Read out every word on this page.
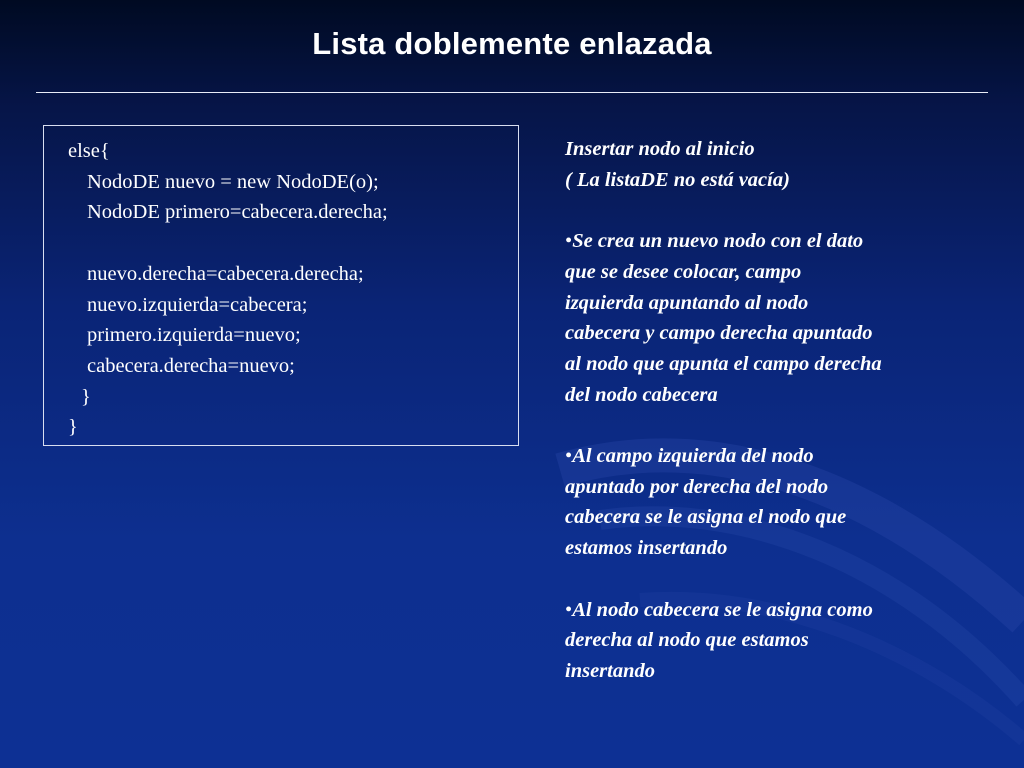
Lista doblemente enlazada
else{
NodoDE nuevo = new NodoDE(o);
NodoDE primero=cabecera.derecha;
nuevo.derecha=cabecera.derecha;
nuevo.izquierda=cabecera;
primero.izquierda=nuevo;
cabecera.derecha=nuevo;
}
}

Insertar nodo al inicio

( La listaDE no está vacía)

•Se crea un nuevo nodo con el dato

que se desee colocar, campo

izquierda apuntando al nodo

cabecera y campo derecha apuntado

al nodo que apunta el campo derecha

del nodo cabecera

•Al campo izquierda del nodo

apuntado por derecha del nodo

cabecera se le asigna el nodo que

estamos insertando

•Al nodo cabecera se le asigna como

derecha al nodo que estamos

insertando
